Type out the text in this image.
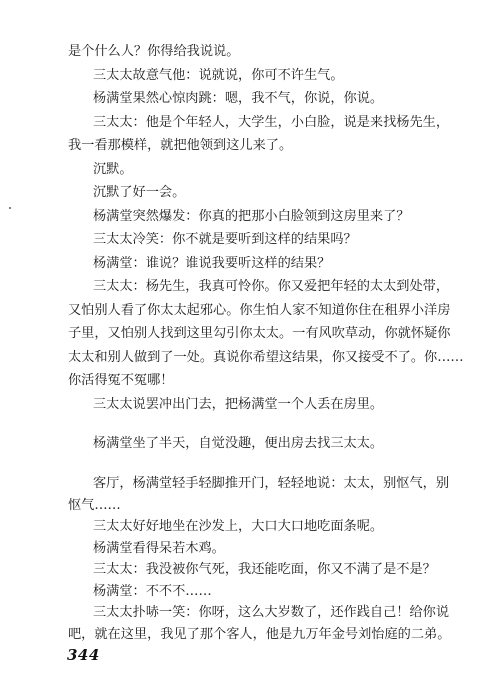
是个什么人？你得给我说说。
三太太故意气他：说就说，你可不许生气。
杨满堂果然心惊肉跳：嗯，我不气，你说，你说。
三太太：他是个年轻人，大学生，小白脸，说是来找杨先生，
我一看那模样，就把他领到这儿来了。
沉默。
沉默了好一会。
杨满堂突然爆发：你真的把那小白脸领到这房里来了？
三太太冷笑：你不就是要听到这样的结果吗？
杨满堂：谁说？谁说我要听这样的结果？
三太太：杨先生，我真可怜你。你又爱把年轻的太太到处带，
又怕别人看了你太太起邪心。你生怕人家不知道你住在租界小洋房
子里，又怕别人找到这里勾引你太太。一有风吹草动，你就怀疑你
太太和别人做到了一处。真说你希望这结果，你又接受不了。你……
你活得冤不冤哪！
三太太说罢冲出门去，把杨满堂一个人丢在房里。
杨满堂坐了半天，自觉没趣，便出房去找三太太。
客厅，杨满堂轻手轻脚推开门，轻轻地说：太太，别怄气，别
怄气……
三太太好好地坐在沙发上，大口大口地吃面条呢。
杨满堂看得呆若木鸡。
三太太：我没被你气死，我还能吃面，你又不满了是不是？
杨满堂：不不不……
344
三太太扑哧一笑：你呀，这么大岁数了，还作践自己！给你说
吧，就在这里，我见了那个客人，他是九万年金号刘怡庭的二弟。
